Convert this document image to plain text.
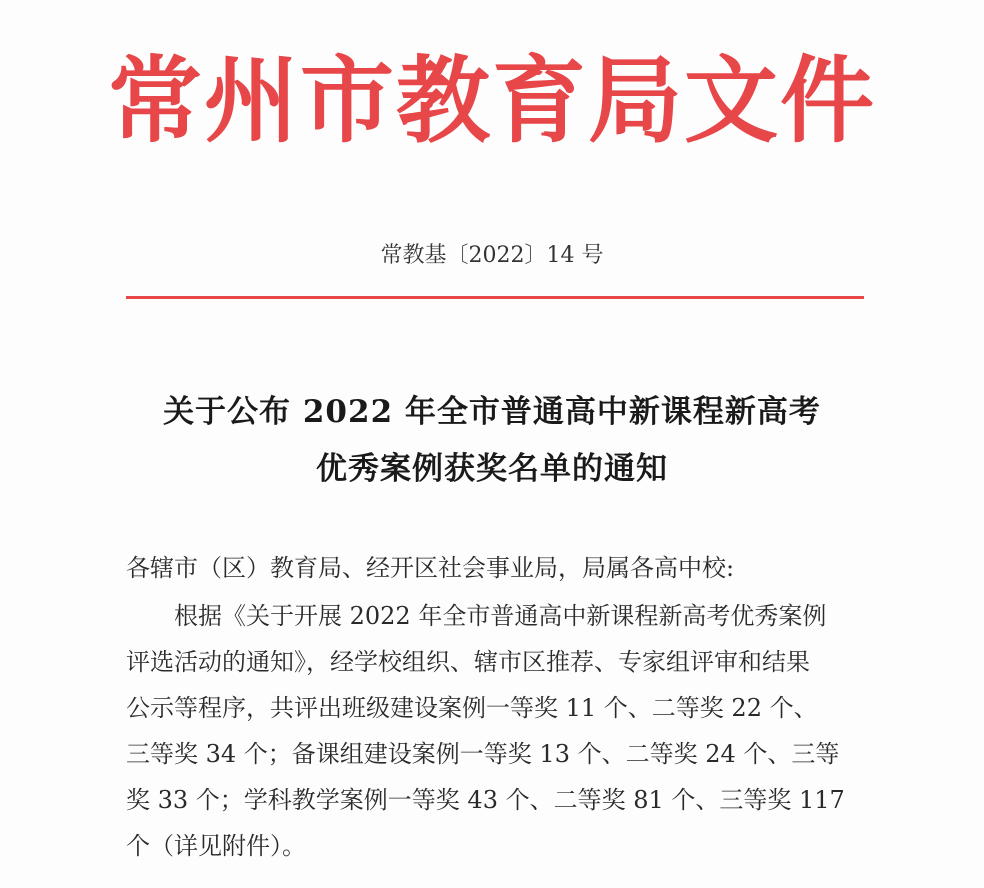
常州市教育局文件
常教基〔2022〕14 号
关于公布 2022 年全市普通高中新课程新高考
优秀案例获奖名单的通知
各辖市（区）教育局、经开区社会事业局，局属各高中校:
根据《关于开展 2022 年全市普通高中新课程新高考优秀案例
评选活动的通知》，经学校组织、辖市区推荐、专家组评审和结果
公示等程序，共评出班级建设案例一等奖 11 个、二等奖 22 个、
三等奖 34 个；备课组建设案例一等奖 13 个、二等奖 24 个、三等
奖 33 个；学科教学案例一等奖 43 个、二等奖 81 个、三等奖 117
个（详见附件）。
